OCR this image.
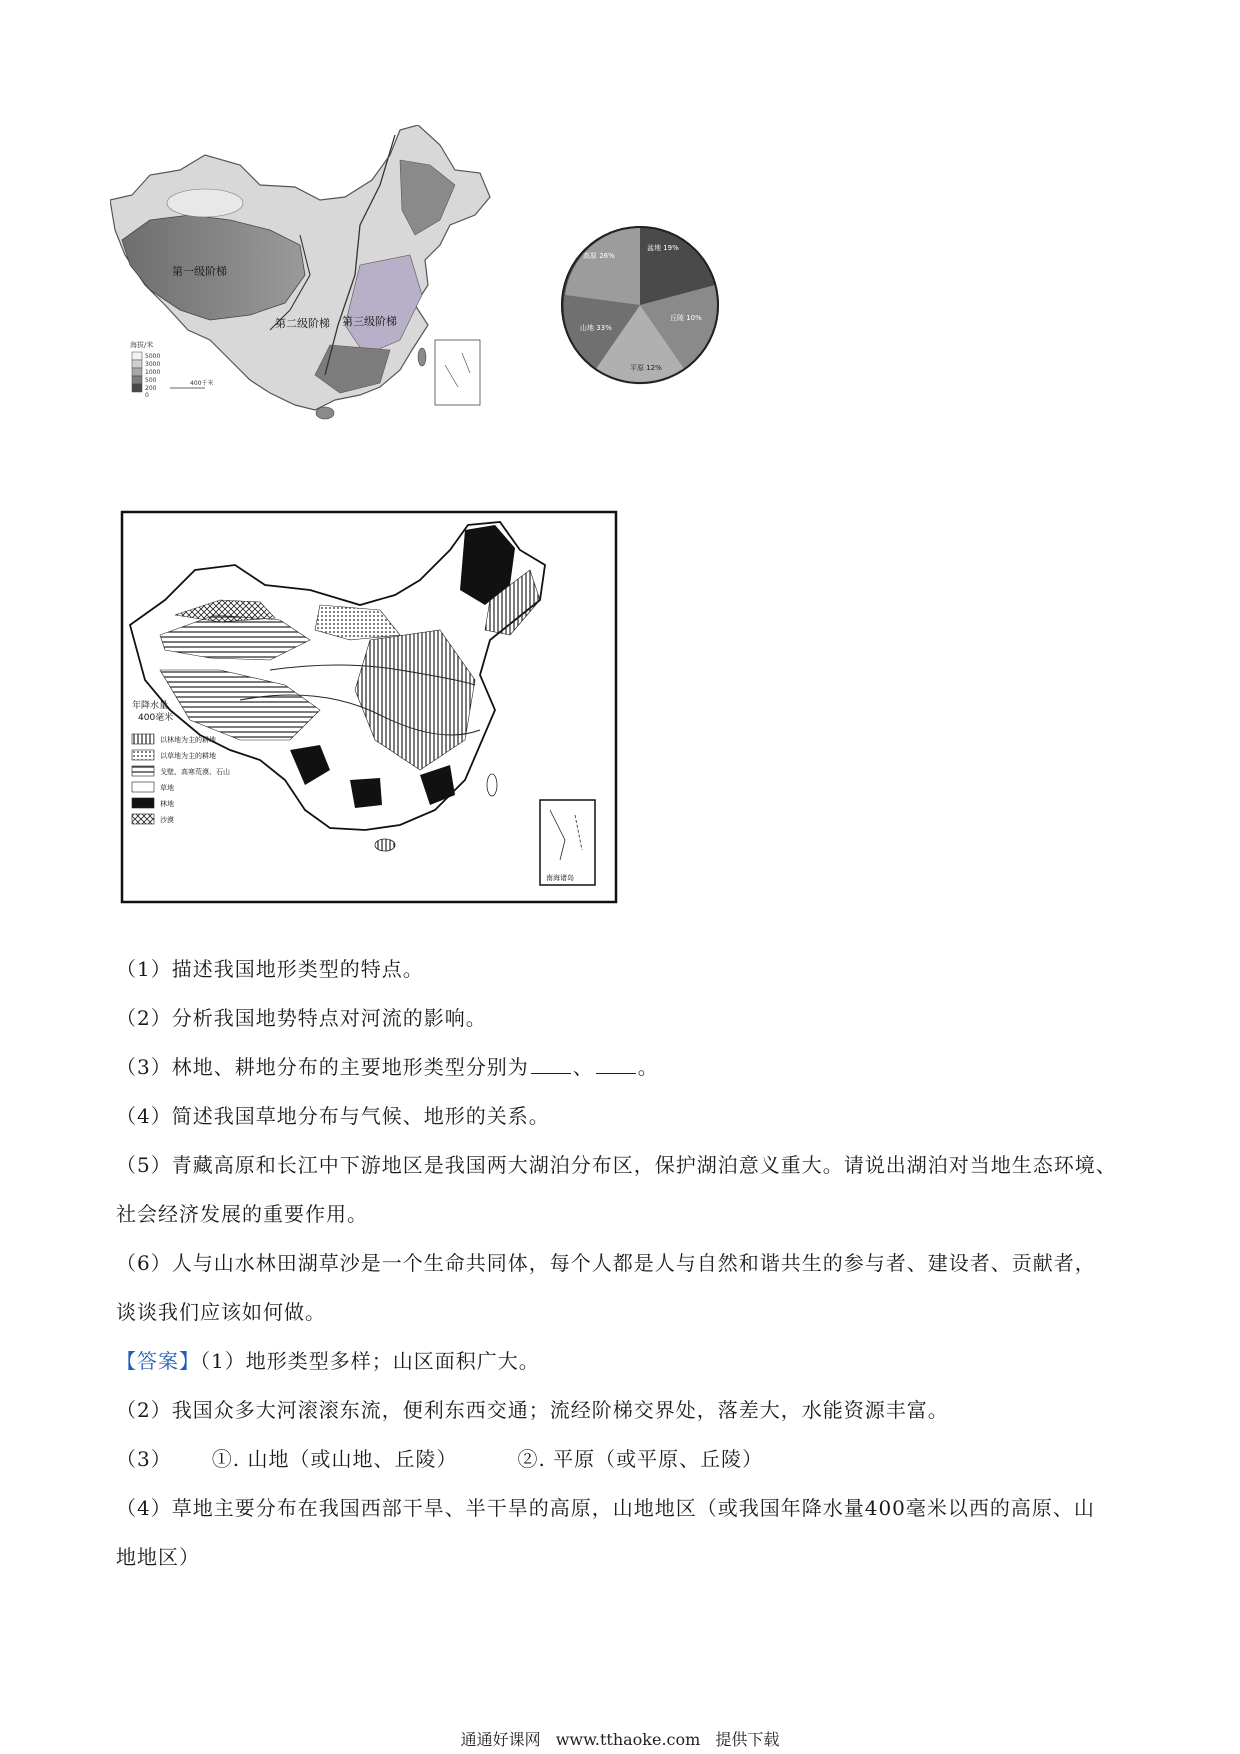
第一级阶梯
第二级阶梯 第三级阶梯
海拔/米
5000
3000
1000
500
200
0
400千米
高原 26%
盆地 19%
丘陵 10%
山地 33%
平原 12%
年降水量
400毫米
以林地为主的耕地
以草地为主的耕地
戈壁、高寒荒漠、石山
草地
林地
沙漠
南海诸岛

（1）描述我国地形类型的特点。

（2）分析我国地势特点对河流的影响。

（3）林地、耕地分布的主要地形类型分别为 、 。

（4）简述我国草地分布与气候、地形的关系。

（5）青藏高原和长江中下游地区是我国两大湖泊分布区，保护湖泊意义重大。请说出湖泊对当地生态环境、

社会经济发展的重要作用。

（6）人与山水林田湖草沙是一个生命共同体，每个人都是人与自然和谐共生的参与者、建设者、贡献者，

谈谈我们应该如何做。

【答案】（1）地形类型多样；山区面积广大。

（2）我国众多大河滚滚东流，便利东西交通；流经阶梯交界处，落差大，水能资源丰富。

（3） ①. 山地（或山地、丘陵）	②. 平原（或平原、丘陵）

（4）草地主要分布在我国西部干旱、半干旱的高原，山地地区（或我国年降水量400毫米以西的高原、山

地地区）

通通好课网 www.tthaoke.com 提供下载
